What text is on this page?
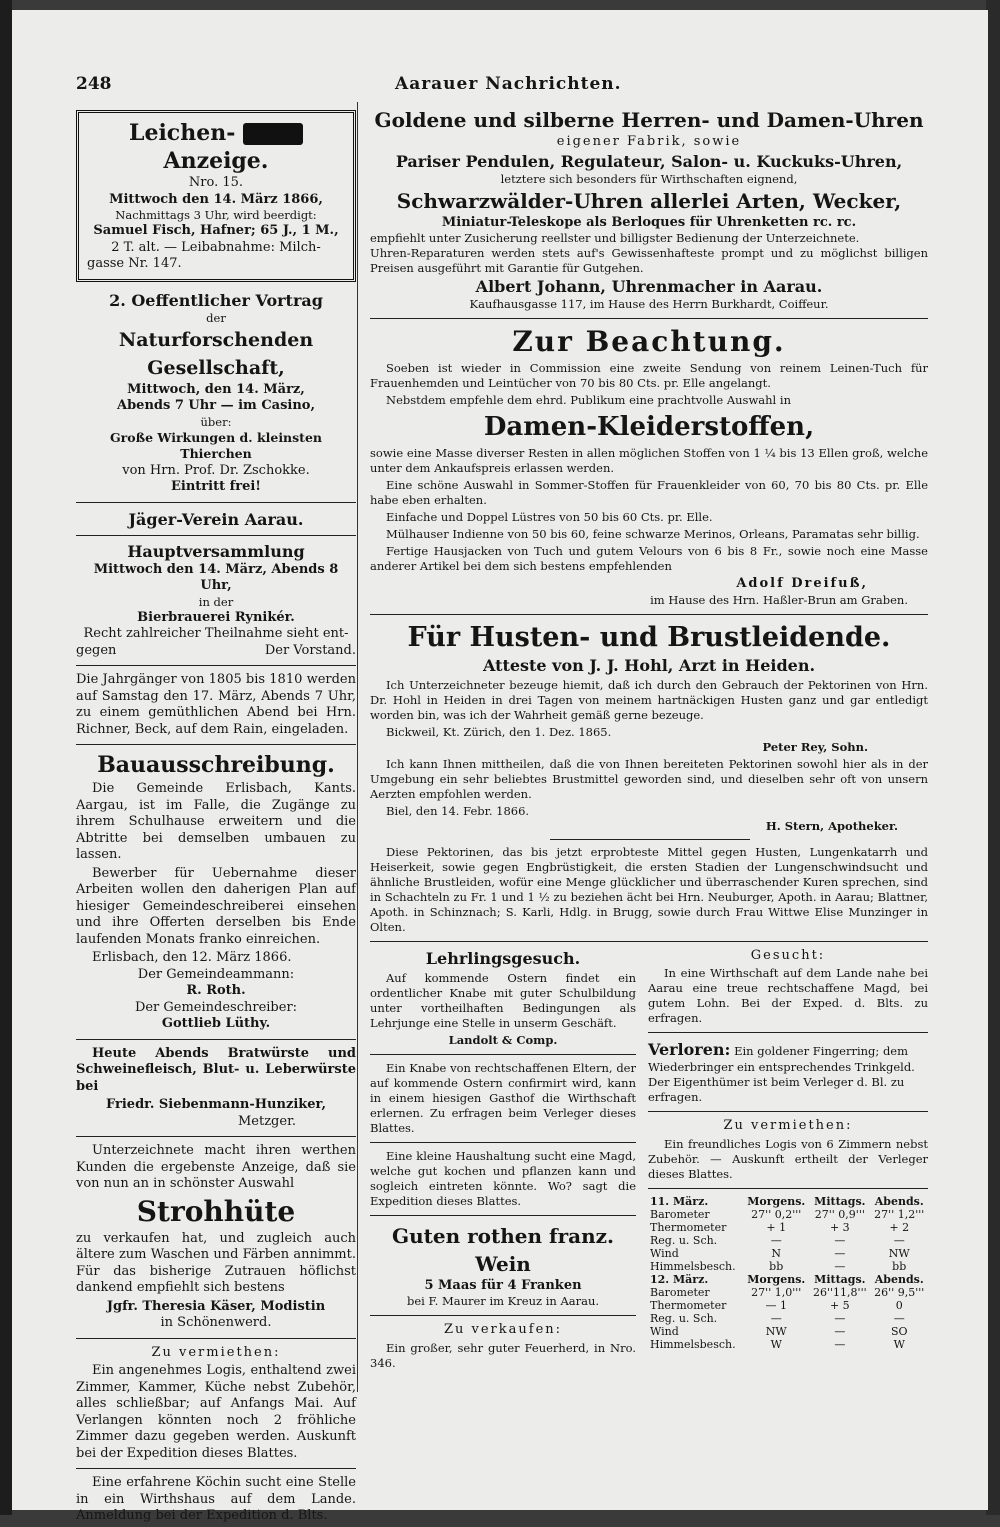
248	Aarauer Nachrichten.
Leichen-  Anzeige.
Nro. 15.
Mittwoch den 14. März 1866,
Nachmittags 3 Uhr, wird beerdigt:
Samuel Fisch, Hafner; 65 J., 1 M.,
2 T. alt. — Leibabnahme: Milch-
gasse Nr. 147.
2. Oeffentlicher Vortrag
der
Naturforschenden Gesellschaft,
Mittwoch, den 14. März,
Abends 7 Uhr — im Casino,
über:
Große Wirkungen d. kleinsten Thierchen
von Hrn. Prof. Dr. Zschokke.
Eintritt frei!
Jäger-Verein Aarau.
Hauptversammlung
Mittwoch den 14. März, Abends 8 Uhr,
in der
Bierbrauerei Rynikér.
Recht zahlreicher Theilnahme sieht ent-
gegen	Der Vorstand.
Die Jahrgänger von 1805 bis 1810 werden auf Samstag den 17. März, Abends 7 Uhr, zu einem gemüthlichen Abend bei Hrn. Richner, Beck, auf dem Rain, eingeladen.
Bauausschreibung.
Die Gemeinde Erlisbach, Kants. Aargau, ist im Falle, die Zugänge zu ihrem Schulhause erweitern und die Abtritte bei demselben umbauen zu lassen.
Bewerber für Uebernahme dieser Arbeiten wollen den daherigen Plan auf hiesiger Gemeindeschreiberei einsehen und ihre Offerten derselben bis Ende laufenden Monats franko einreichen.
Erlisbach, den 12. März 1866.
Der Gemeindeammann:
R. Roth.
Der Gemeindeschreiber:
Gottlieb Lüthy.
Heute Abends Bratwürste und Schweinefleisch, Blut- u. Leberwürste bei
Friedr. Siebenmann-Hunziker,
Metzger.
Unterzeichnete macht ihren werthen Kunden die ergebenste Anzeige, daß sie von nun an in schönster Auswahl
Strohhüte
zu verkaufen hat, und zugleich auch ältere zum Waschen und Färben annimmt. Für das bisherige Zutrauen höflichst dankend empfiehlt sich bestens
Jgfr. Theresia Käser, Modistin
in Schönenwerd.
Zu vermiethen:
Ein angenehmes Logis, enthaltend zwei Zimmer, Kammer, Küche nebst Zubehör, alles schließbar; auf Anfangs Mai. Auf Verlangen könnten noch 2 fröhliche Zimmer dazu gegeben werden. Auskunft bei der Expedition dieses Blattes.
Eine erfahrene Köchin sucht eine Stelle in ein Wirthshaus auf dem Lande. Anmeldung bei der Expedition d. Blts.
Goldene und silberne Herren- und Damen-Uhren
eigener Fabrik, sowie
Pariser Pendulen, Regulateur, Salon- u. Kuckuks-Uhren,
letztere sich besonders für Wirthschaften eignend,
Schwarzwälder-Uhren allerlei Arten, Wecker,
Miniatur-Teleskope als Berloques für Uhrenketten rc. rc.
empfiehlt unter Zusicherung reellster und billigster Bedienung der Unterzeichnete.
Uhren-Reparaturen werden stets auf's Gewissenhafteste prompt und zu möglichst billigen Preisen ausgeführt mit Garantie für Gutgehen.
Albert Johann, Uhrenmacher in Aarau.
Kaufhausgasse 117, im Hause des Herrn Burkhardt, Coiffeur.
Zur Beachtung.
Soeben ist wieder in Commission eine zweite Sendung von reinem Leinen-Tuch für Frauenhemden und Leintücher von 70 bis 80 Cts. pr. Elle angelangt.
Nebstdem empfehle dem ehrd. Publikum eine prachtvolle Auswahl in
Damen-Kleiderstoffen,
sowie eine Masse diverser Resten in allen möglichen Stoffen von 1 ¼ bis 13 Ellen groß, welche unter dem Ankaufspreis erlassen werden.
Eine schöne Auswahl in Sommer-Stoffen für Frauenkleider von 60, 70 bis 80 Cts. pr. Elle habe eben erhalten.
Einfache und Doppel Lüstres von 50 bis 60 Cts. pr. Elle.
Mülhauser Indienne von 50 bis 60, feine schwarze Merinos, Orleans, Paramatas sehr billig.
Fertige Hausjacken von Tuch und gutem Velours von 6 bis 8 Fr., sowie noch eine Masse anderer Artikel bei dem sich bestens empfehlenden
Adolf Dreifuß,
im Hause des Hrn. Haßler-Brun am Graben.
Für Husten- und Brustleidende.
Atteste von J. J. Hohl, Arzt in Heiden.
Ich Unterzeichneter bezeuge hiemit, daß ich durch den Gebrauch der Pektorinen von Hrn. Dr. Hohl in Heiden in drei Tagen von meinem hartnäckigen Husten ganz und gar entledigt worden bin, was ich der Wahrheit gemäß gerne bezeuge.
Bickweil, Kt. Zürich, den 1. Dez. 1865.
Peter Rey, Sohn.
Ich kann Ihnen mittheilen, daß die von Ihnen bereiteten Pektorinen sowohl hier als in der Umgebung ein sehr beliebtes Brustmittel geworden sind, und dieselben sehr oft von unsern Aerzten empfohlen werden.
Biel, den 14. Febr. 1866.
H. Stern, Apotheker.
Diese Pektorinen, das bis jetzt erprobteste Mittel gegen Husten, Lungenkatarrh und Heiserkeit, sowie gegen Engbrüstigkeit, die ersten Stadien der Lungenschwindsucht und ähnliche Brustleiden, wofür eine Menge glücklicher und überraschender Kuren sprechen, sind in Schachteln zu Fr. 1 und 1 ½ zu beziehen ächt bei Hrn. Neuburger, Apoth. in Aarau; Blattner, Apoth. in Schinznach; S. Karli, Hdlg. in Brugg, sowie durch Frau Wittwe Elise Munzinger in Olten.
Lehrlingsgesuch.
Auf kommende Ostern findet ein ordentlicher Knabe mit guter Schulbildung unter vortheilhaften Bedingungen als Lehrjunge eine Stelle in unserm Geschäft.
Landolt & Comp.
Ein Knabe von rechtschaffenen Eltern, der auf kommende Ostern confirmirt wird, kann in einem hiesigen Gasthof die Wirthschaft erlernen. Zu erfragen beim Verleger dieses Blattes.
Eine kleine Haushaltung sucht eine Magd, welche gut kochen und pflanzen kann und sogleich eintreten könnte. Wo? sagt die Expedition dieses Blattes.
Guten rothen franz. Wein
5 Maas für 4 Franken
bei F. Maurer im Kreuz in Aarau.
Zu verkaufen:
Ein großer, sehr guter Feuerherd, in Nro. 346.
Gesucht:
In eine Wirthschaft auf dem Lande nahe bei Aarau eine treue rechtschaffene Magd, bei gutem Lohn. Bei der Exped. d. Blts. zu erfragen.
Verloren: Ein goldener Fingerring; dem Wiederbringer ein entsprechendes Trinkgeld. Der Eigenthümer ist beim Verleger d. Bl. zu erfragen.
Zu vermiethen:
Ein freundliches Logis von 6 Zimmern nebst Zubehör. — Auskunft ertheilt der Verleger dieses Blattes.
11. März.	Morgens.	Mittags.	Abends.
Barometer	27'' 0,2'''	27'' 0,9'''	27'' 1,2'''
Thermometer	+ 1	+ 3	+ 2
Reg. u. Sch.	—	—	—
Wind	N	—	NW
Himmelsbesch.	bb	—	bb
12. März.	Morgens.	Mittags.	Abends.
Barometer	27'' 1,0'''	26''11,8'''	26'' 9,5'''
Thermometer	— 1	+ 5	0
Reg. u. Sch.	—	—	—
Wind	NW	—	SO
Himmelsbesch.	W	—	W
